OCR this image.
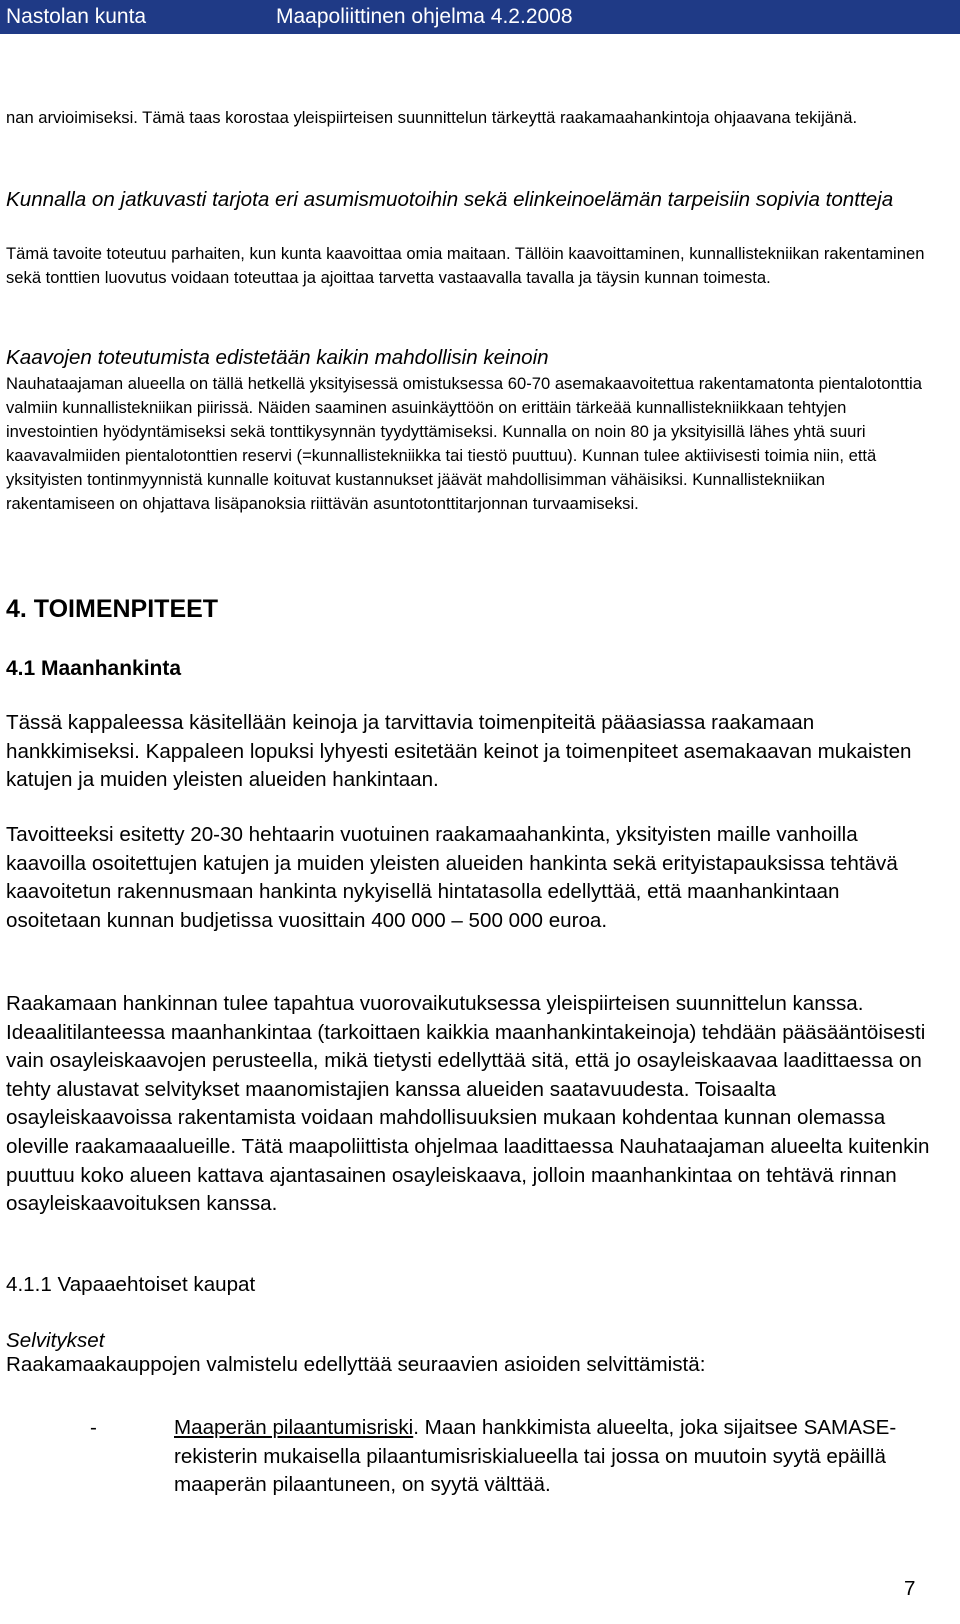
Nastolan kunta	Maapoliittinen ohjelma 4.2.2008

nan arvioimiseksi. Tämä taas korostaa yleispiirteisen suunnittelun tärkeyttä raakamaahankintoja ohjaavana tekijänä.

Kunnalla on jatkuvasti tarjota eri asumismuotoihin sekä elinkeinoelämän tarpeisiin sopivia tontteja

Tämä tavoite toteutuu parhaiten, kun kunta kaavoittaa omia maitaan. Tällöin kaavoittaminen, kunnallistekniikan rakentaminen sekä tonttien luovutus voidaan toteuttaa ja ajoittaa tarvetta vastaavalla tavalla ja täysin kunnan toimesta.

Kaavojen toteutumista edistetään kaikin mahdollisin keinoin

Nauhataajaman alueella on tällä hetkellä yksityisessä omistuksessa 60-70 asemakaavoitettua rakentamatonta pientalotonttia valmiin kunnallistekniikan piirissä. Näiden saaminen asuinkäyttöön on erittäin tärkeää kunnallistekniikkaan tehtyjen investointien hyödyntämiseksi sekä tonttikysynnän tyydyttämiseksi. Kunnalla on noin 80 ja yksityisillä lähes yhtä suuri kaavavalmiiden pientalotonttien reservi (=kunnallistekniikka tai tiestö puuttuu). Kunnan tulee aktiivisesti toimia niin, että yksityisten tontinmyynnistä kunnalle koituvat kustannukset jäävät mahdollisimman vähäisiksi. Kunnallistekniikan rakentamiseen on ohjattava lisäpanoksia riittävän asuntotonttitarjonnan turvaamiseksi.

4. TOIMENPITEET
4.1 Maanhankinta

Tässä kappaleessa käsitellään keinoja ja tarvittavia toimenpiteitä pääasiassa raakamaan hankkimiseksi. Kappaleen lopuksi lyhyesti esitetään keinot ja toimenpiteet asemakaavan mukaisten katujen ja muiden yleisten alueiden hankintaan.

Tavoitteeksi esitetty 20-30 hehtaarin vuotuinen raakamaahankinta, yksityisten maille vanhoilla kaavoilla osoitettujen katujen ja muiden yleisten alueiden hankinta sekä erityistapauksissa tehtävä kaavoitetun rakennusmaan hankinta nykyisellä hintatasolla edellyttää, että maanhankintaan osoitetaan kunnan budjetissa vuosittain 400 000 – 500 000 euroa.

Raakamaan hankinnan tulee tapahtua vuorovaikutuksessa yleispiirteisen suunnittelun kanssa. Ideaalitilanteessa maanhankintaa (tarkoittaen kaikkia maanhankintakeinoja) tehdään pääsääntöisesti vain osayleiskaavojen perusteella, mikä tietysti edellyttää sitä, että jo osayleiskaavaa laadittaessa on tehty alustavat selvitykset maanomistajien kanssa alueiden saatavuudesta. Toisaalta osayleiskaavoissa rakentamista voidaan mahdollisuuksien mukaan kohdentaa kunnan olemassa oleville raakamaaalueille. Tätä maapoliittista ohjelmaa laadittaessa Nauhataajaman alueelta kuitenkin puuttuu koko alueen kattava ajantasainen osayleiskaava, jolloin maanhankintaa on tehtävä rinnan osayleiskaavoituksen kanssa.

4.1.1 Vapaaehtoiset kaupat
Selvitykset

Raakamaakauppojen valmistelu edellyttää seuraavien asioiden selvittämistä:

-	Maaperän pilaantumisriski. Maan hankkimista alueelta, joka sijaitsee SAMASE-rekisterin mukaisella pilaantumisriskialueella tai jossa on muutoin syytä epäillä maaperän pilaantuneen, on syytä välttää.

7
